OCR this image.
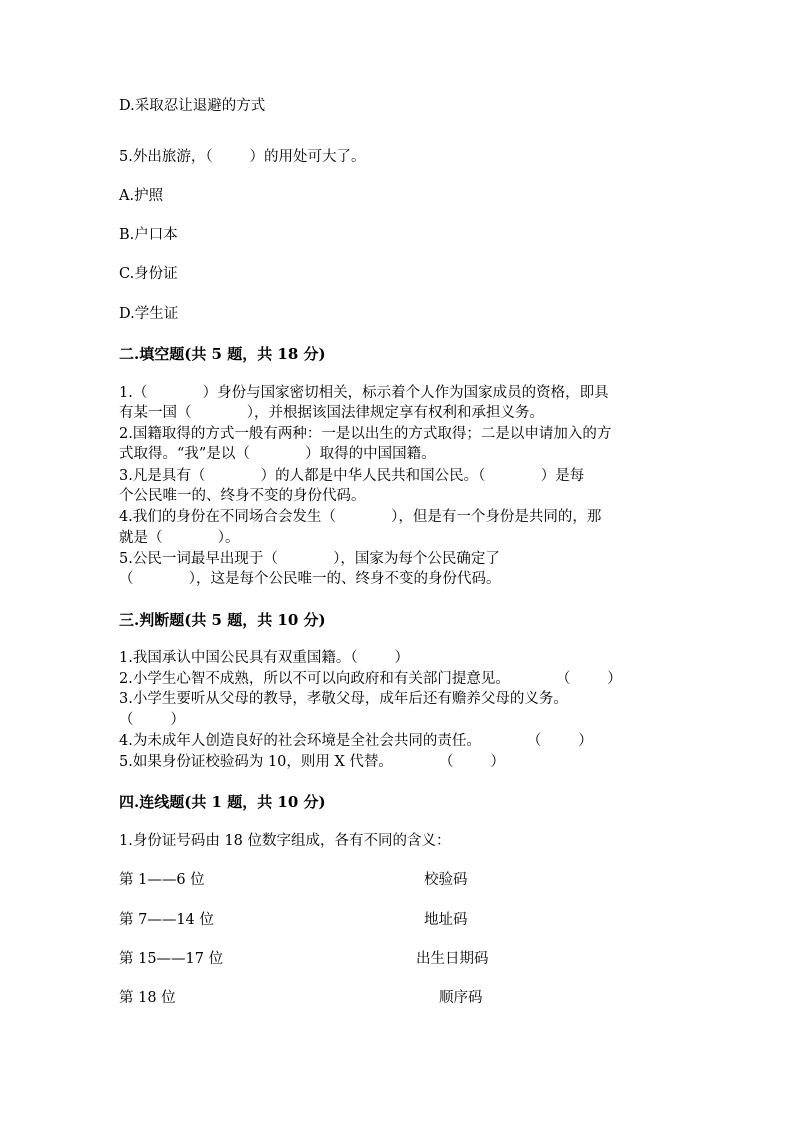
D.采取忍让退避的方式
5.外出旅游，（        ）的用处可大了。
A.护照
B.户口本
C.身份证
D.学生证
二.填空题(共 5 题，共 18 分)
1.（            ）身份与国家密切相关，标示着个人作为国家成员的资格，即具
有某一国（            ），并根据该国法律规定享有权利和承担义务。
2.国籍取得的方式一般有两种：一是以出生的方式取得；二是以申请加入的方
式取得。“我”是以（            ）取得的中国国籍。
3.凡是具有（            ）的人都是中华人民共和国公民。（            ）是每
个公民唯一的、终身不变的身份代码。
4.我们的身份在不同场合会发生（            ），但是有一个身份是共同的，那
就是（            ）。
5.公民一词最早出现于（            ），国家为每个公民确定了
（            ），这是每个公民唯一的、终身不变的身份代码。
三.判断题(共 5 题，共 10 分)
1.我国承认中国公民具有双重国籍。（        ）
2.小学生心智不成熟，所以不可以向政府和有关部门提意见。          （        ）
3.小学生要听从父母的教导，孝敬父母，成年后还有赡养父母的义务。
（        ）
4.为未成年人创造良好的社会环境是全社会共同的责任。          （        ）
5.如果身份证校验码为 10，则用 X 代替。          （        ）
四.连线题(共 1 题，共 10 分)
1.身份证号码由 18 位数字组成，各有不同的含义：
第 1——6 位	校验码
第 7——14 位	地址码
第 15——17 位	出生日期码
第 18 位	顺序码
